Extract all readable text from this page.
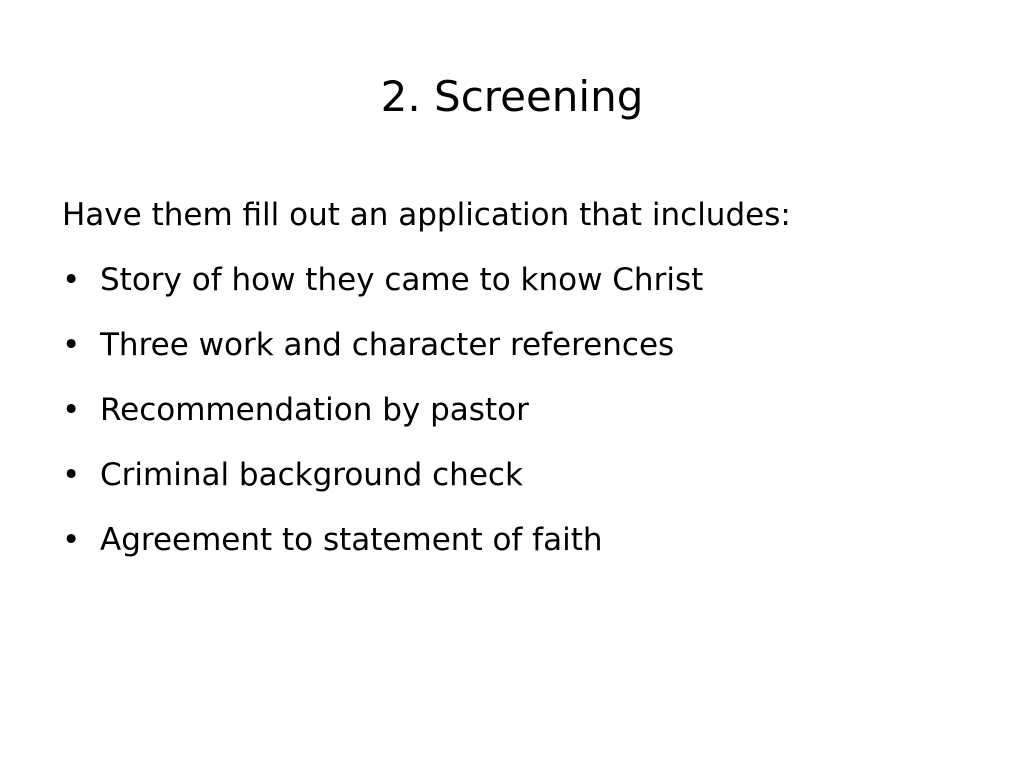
2. Screening

Have them fill out an application that includes:

• Story of how they came to know Christ
• Three work and character references
• Recommendation by pastor
• Criminal background check
• Agreement to statement of faith
